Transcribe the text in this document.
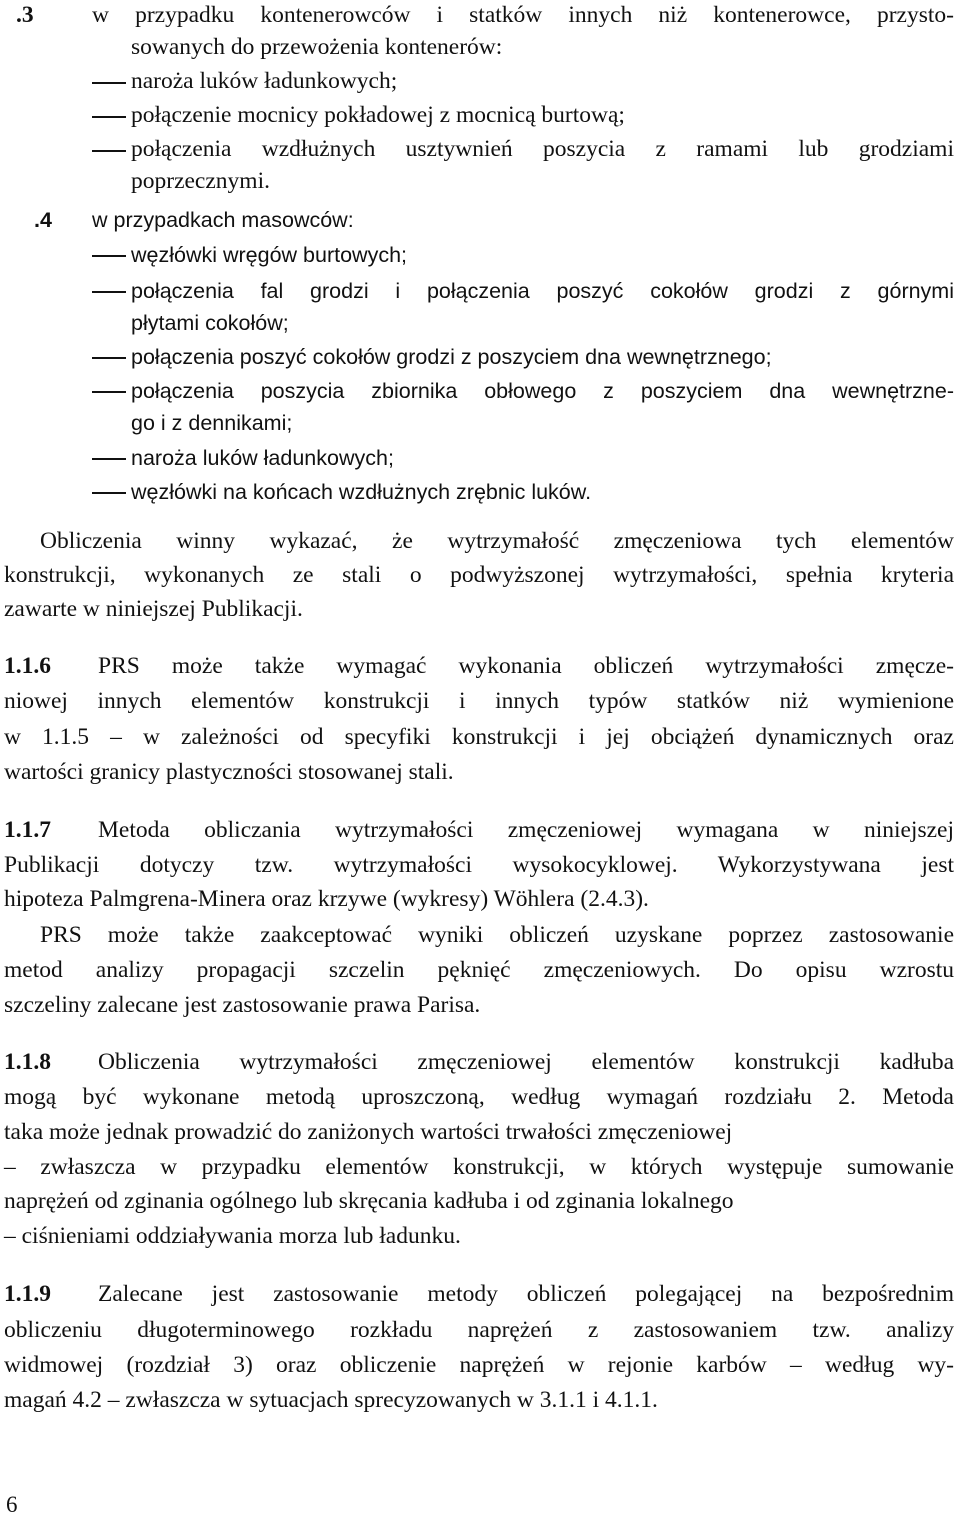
.3 w przypadku kontenerowców i statków innych niż kontenerowce, przysto-
sowanych do przewożenia kontenerów:
naroża luków ładunkowych;
połączenie mocnicy pokładowej z mocnicą burtową;
połączenia wzdłużnych usztywnień poszycia z ramami lub grodziami
poprzecznymi.
.4 w przypadkach masowców:
węzłówki wręgów burtowych;
połączenia fal grodzi i połączenia poszyć cokołów grodzi z górnymi
płytami cokołów;
połączenia poszyć cokołów grodzi z poszyciem dna wewnętrznego;
połączenia poszycia zbiornika obłowego z poszyciem dna wewnętrzne-
go i z dennikami;
naroża luków ładunkowych;
węzłówki na końcach wzdłużnych zrębnic luków.
Obliczenia winny wykazać, że wytrzymałość zmęczeniowa tych elementów
konstrukcji, wykonanych ze stali o podwyższonej wytrzymałości, spełnia kryteria
zawarte w niniejszej Publikacji.
1.1.6 PRS może także wymagać wykonania obliczeń wytrzymałości zmęcze-
niowej innych elementów konstrukcji i innych typów statków niż wymienione
w 1.1.5 – w zależności od specyfiki konstrukcji i jej obciążeń dynamicznych oraz
wartości granicy plastyczności stosowanej stali.
1.1.7 Metoda obliczania wytrzymałości zmęczeniowej wymagana w niniejszej
Publikacji dotyczy tzw. wytrzymałości wysokocyklowej. Wykorzystywana jest
hipoteza Palmgrena-Minera oraz krzywe (wykresy) Wöhlera (2.4.3).
PRS może także zaakceptować wyniki obliczeń uzyskane poprzez zastosowanie
metod analizy propagacji szczelin pęknięć zmęczeniowych. Do opisu wzrostu
szczeliny zalecane jest zastosowanie prawa Parisa.
1.1.8 Obliczenia wytrzymałości zmęczeniowej elementów konstrukcji kadłuba
mogą być wykonane metodą uproszczoną, według wymagań rozdziału 2. Metoda
taka może jednak prowadzić do zaniżonych wartości trwałości zmęczeniowej
– zwłaszcza w przypadku elementów konstrukcji, w których występuje sumowanie
naprężeń od zginania ogólnego lub skręcania kadłuba i od zginania lokalnego
– ciśnieniami oddziaływania morza lub ładunku.
1.1.9 Zalecane jest zastosowanie metody obliczeń polegającej na bezpośrednim
obliczeniu długoterminowego rozkładu naprężeń z zastosowaniem tzw. analizy
widmowej (rozdział 3) oraz obliczenie naprężeń w rejonie karbów – według wy-
magań 4.2 – zwłaszcza w sytuacjach sprecyzowanych w 3.1.1 i 4.1.1.
6
